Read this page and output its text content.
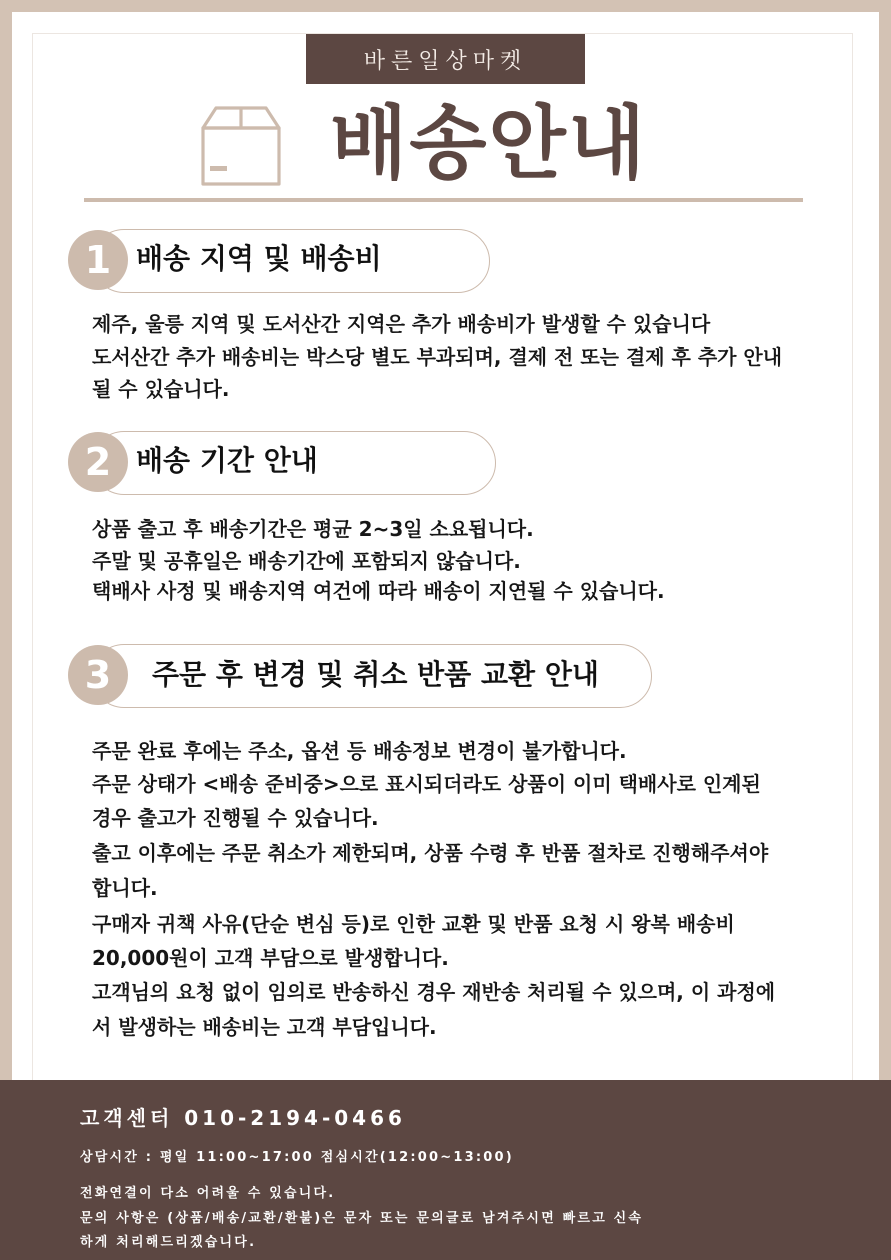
바른일상마켓
배송안내
1 배송 지역 및 배송비
제주, 울릉 지역 및 도서산간 지역은 추가 배송비가 발생할 수 있습니다
도서산간 추가 배송비는 박스당 별도 부과되며, 결제 전 또는 결제 후 추가 안내
될 수 있습니다.
2 배송 기간 안내
상품 출고 후 배송기간은 평균 2~3일 소요됩니다.
주말 및 공휴일은 배송기간에 포함되지 않습니다.
택배사 사정 및 배송지역 여건에 따라 배송이 지연될 수 있습니다.
3	주문 후 변경 및 취소 반품 교환 안내
주문 완료 후에는 주소, 옵션 등 배송정보 변경이 불가합니다.
주문 상태가 <배송 준비중>으로 표시되더라도 상품이 이미 택배사로 인계된
경우 출고가 진행될 수 있습니다.
출고 이후에는 주문 취소가 제한되며, 상품 수령 후 반품 절차로 진행해주셔야
합니다.
구매자 귀책 사유(단순 변심 등)로 인한 교환 및 반품 요청 시 왕복 배송비
20,000원이 고객 부담으로 발생합니다.
고객님의 요청 없이 임의로 반송하신 경우 재반송 처리될 수 있으며, 이 과정에
서 발생하는 배송비는 고객 부담입니다.
고객센터 010-2194-0466
상담시간 : 평일 11:00~17:00 점심시간(12:00~13:00)
전화연결이 다소 어려울 수 있습니다.
문의 사항은 (상품/배송/교환/환불)은 문자 또는 문의글로 남겨주시면 빠르고 신속
하게 처리해드리겠습니다.
